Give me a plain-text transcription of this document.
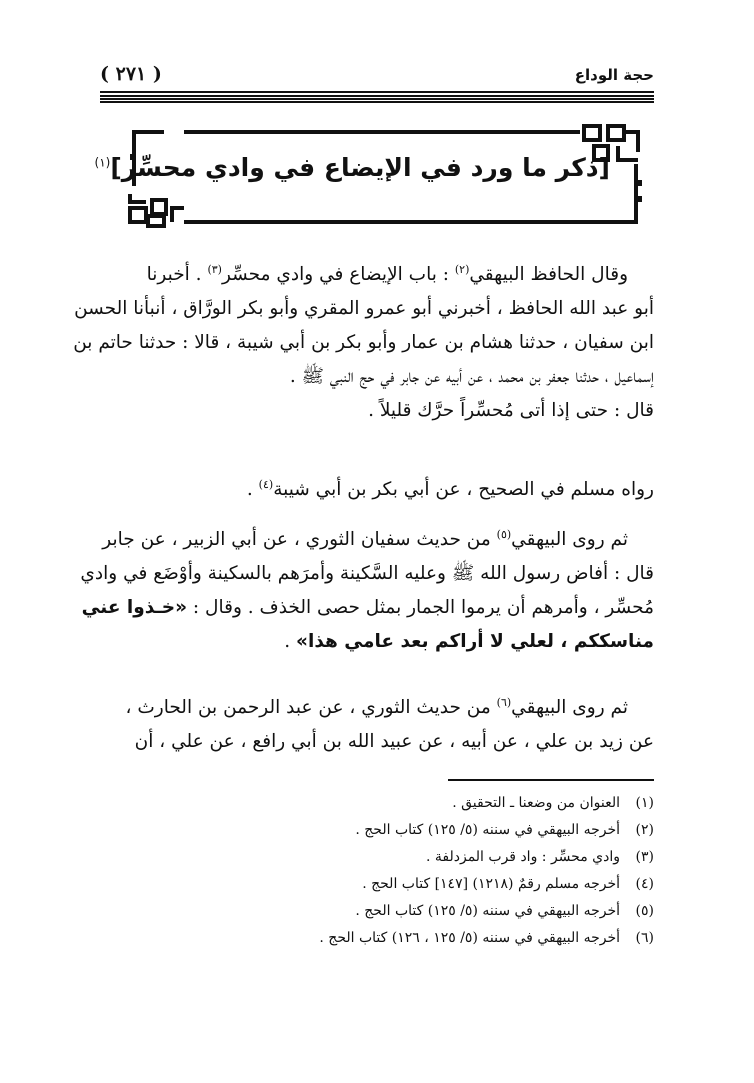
حجة الوداع
( ٢٧١ )
[ذكر ما ورد في الإيضاع في وادي محسِّر]$^{(١)}$
وقال الحافظ البيهقي$^{(٢)}$ : باب الإيضاع في وادي محسِّر$^{(٣)}$ . أخبرنا
أبو عبد الله الحافظ ، أخبرني أبو عمرو المقري وأبو بكر الورَّاق ، أنبأنا الحسن
ابن سفيان ، حدثنا هشام بن عمار وأبو بكر بن أبي شيبة ، قالا : حدثنا حاتم بن
إسماعيل ، حدثنا جعفر بن محمد ، عن أبيه عن جابر في حج النبي ﷺ .
قال : حتى إذا أتى مُحسِّراً حرَّك قليلاً .
رواه مسلم في الصحيح ، عن أبي بكر بن أبي شيبة$^{(٤)}$ .
ثم روى البيهقي$^{(٥)}$ من حديث سفيان الثوري ، عن أبي الزبير ، عن جابر
قال : أفاض رسول الله ﷺ وعليه السَّكينة وأمرَهم بالسكينة وأوْضَع في وادي
مُحسِّر ، وأمرهم أن يرموا الجمار بمثل حصى الخذف . وقال : «خـذوا عني
مناسككم ، لعلي لا أراكم بعد عامي هذا» .
ثم روى البيهقي$^{(٦)}$ من حديث الثوري ، عن عبد الرحمن بن الحارث ،
عن زيد بن علي ، عن أبيه ، عن عبيد الله بن أبي رافع ، عن علي ، أن
(١)العنوان من وضعنا ـ التحقيق .
(٢)أخرجه البيهقي في سننه (٥/ ١٢٥) كتاب الحج .
(٣)وادي محسِّر : واد قرب المزدلفة .
(٤)أخرجه مسلم رقمٌ (١٢١٨) [١٤٧] كتاب الحج .
(٥)أخرجه البيهقي في سننه (٥/ ١٢٥) كتاب الحج .
(٦)أخرجه البيهقي في سننه (٥/ ١٢٥ ، ١٢٦) كتاب الحج .
